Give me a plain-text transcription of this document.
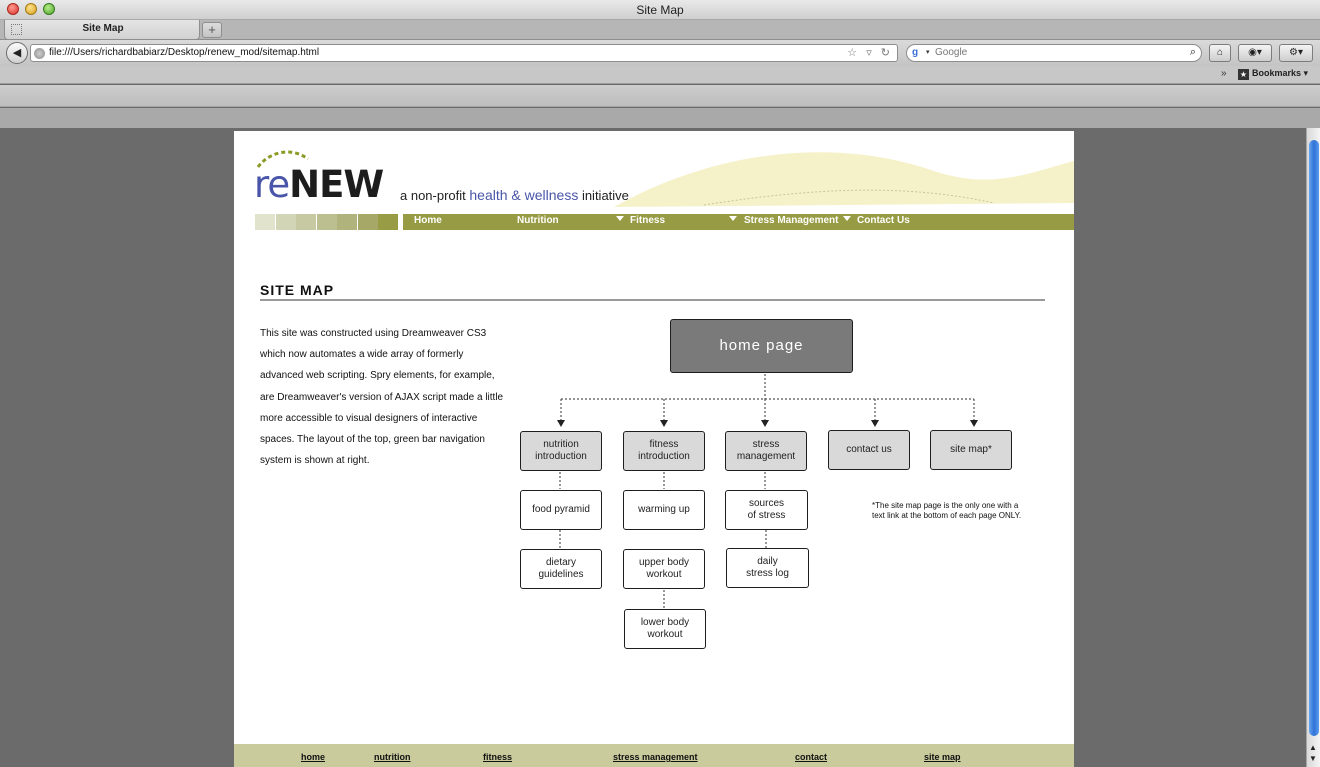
Site Map
Site Map	+
◀	file:///Users/richardbabiarz/Desktop/renew_mod/sitemap.html	☆ ▿ ↻ g	▾ Google	⌕	⌂	◉▾	⚙▾
» ★ Bookmarks ▾
▲
▼
reNEW a non-profit health & wellness initiative
Home	Nutrition	Fitness	Stress Management Contact Us
SITE MAP
This site was constructed using Dreamweaver CS3 which now automates a wide array of formerly advanced web scripting. Spry elements, for example, are Dreamweaver's version of AJAX script made a little more accessible to visual designers of interactive spaces. The layout of the top, green bar navigation system is shown at right.
home page
nutrition
introduction
fitness
introduction
stress
management
contact us	site map*
food pyramid
dietary
guidelines
warming up
upper body
workout
lower body
workout
sources
of stress
daily
stress log
*The site map page is the only one with a text link at the bottom of each page ONLY.
home	nutrition	fitness	stress management	contact	site map
